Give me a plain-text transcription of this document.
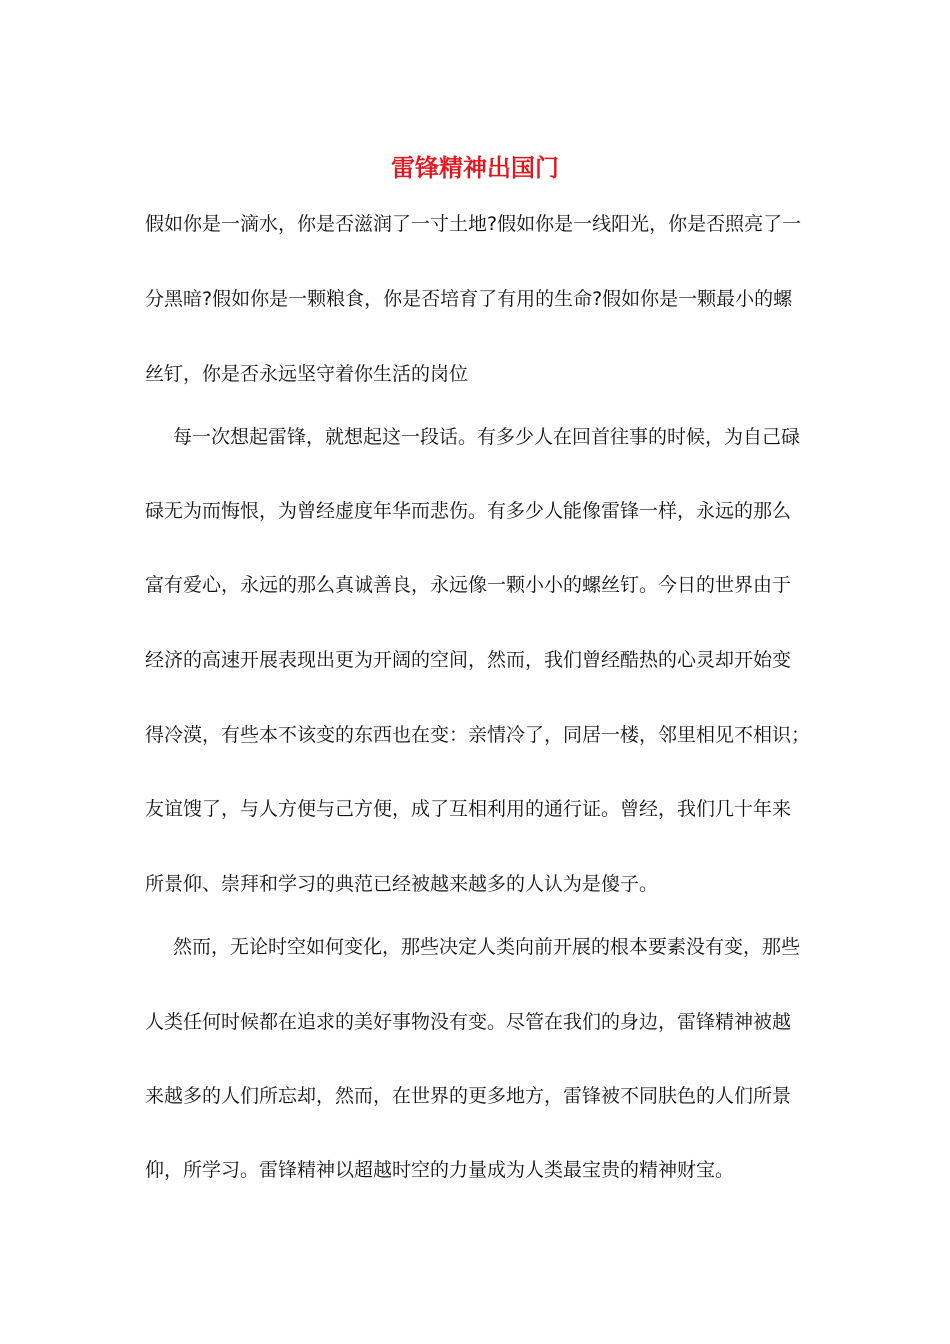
雷锋精神出国门

假如你是一滴水，你是否滋润了一寸土地?假如你是一线阳光，你是否照亮了一

分黑暗?假如你是一颗粮食，你是否培育了有用的生命?假如你是一颗最小的螺

丝钉，你是否永远坚守着你生活的岗位

每一次想起雷锋，就想起这一段话。有多少人在回首往事的时候，为自己碌

碌无为而悔恨，为曾经虚度年华而悲伤。有多少人能像雷锋一样，永远的那么

富有爱心，永远的那么真诚善良，永远像一颗小小的螺丝钉。今日的世界由于

经济的高速开展表现出更为开阔的空间，然而，我们曾经酷热的心灵却开始变

得冷漠，有些本不该变的东西也在变：亲情冷了，同居一楼，邻里相见不相识；

友谊馊了，与人方便与己方便，成了互相利用的通行证。曾经，我们几十年来

所景仰、崇拜和学习的典范已经被越来越多的人认为是傻子。

然而，无论时空如何变化，那些决定人类向前开展的根本要素没有变，那些

人类任何时候都在追求的美好事物没有变。尽管在我们的身边，雷锋精神被越

来越多的人们所忘却，然而，在世界的更多地方，雷锋被不同肤色的人们所景

仰，所学习。雷锋精神以超越时空的力量成为人类最宝贵的精神财宝。
